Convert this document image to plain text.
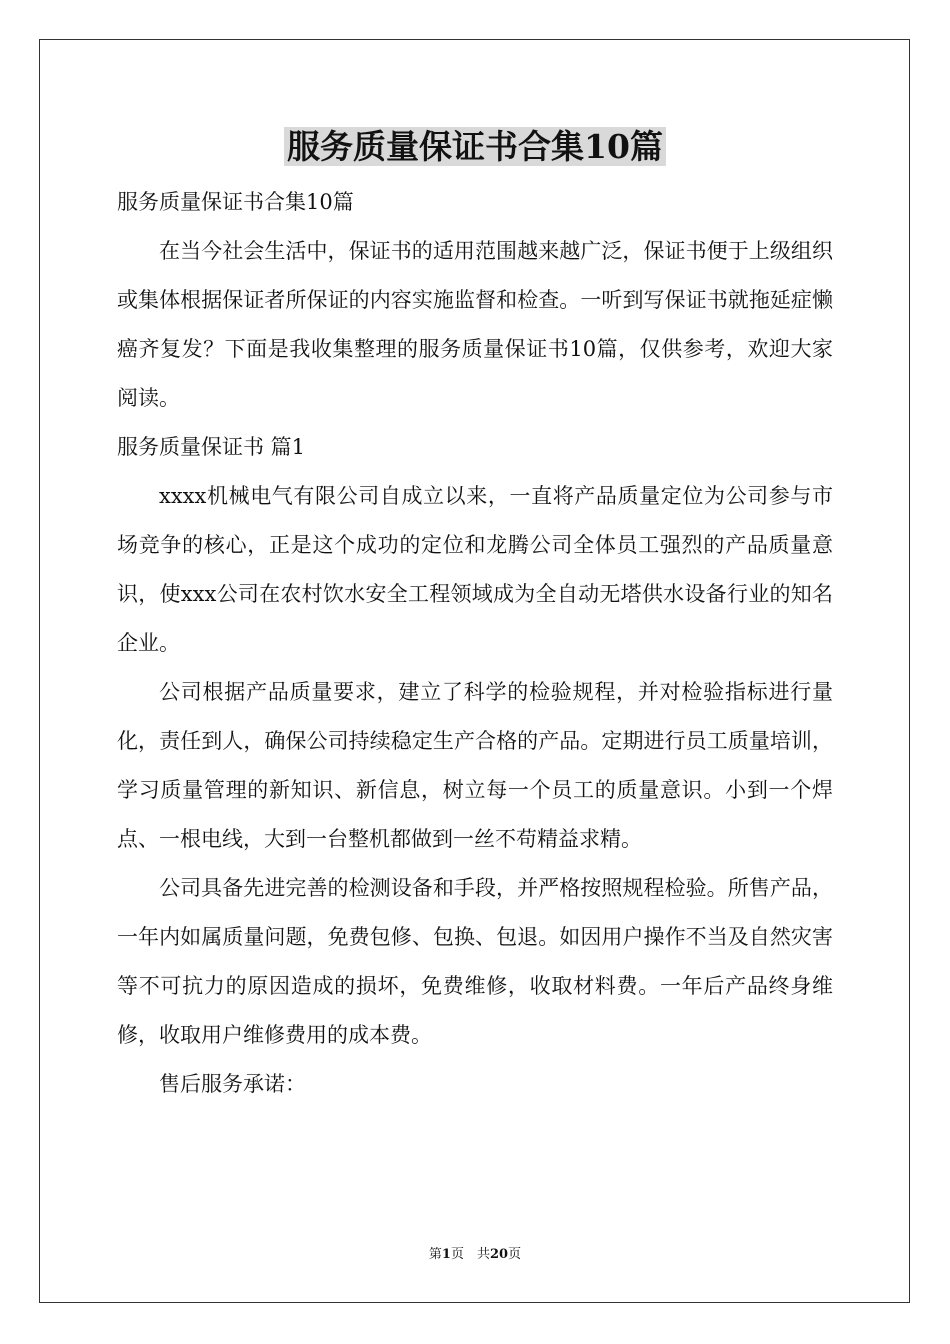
服务质量保证书合集10篇

服务质量保证书合集10篇

在当今社会生活中，保证书的适用范围越来越广泛，保证书便于上级组织或集体根据保证者所保证的内容实施监督和检查。一听到写保证书就拖延症懒癌齐复发？下面是我收集整理的服务质量保证书10篇，仅供参考，欢迎大家阅读。

服务质量保证书 篇1

xxxx机械电气有限公司自成立以来，一直将产品质量定位为公司参与市场竞争的核心，正是这个成功的定位和龙腾公司全体员工强烈的产品质量意识，使xxx公司在农村饮水安全工程领域成为全自动无塔供水设备行业的知名企业。

公司根据产品质量要求，建立了科学的检验规程，并对检验指标进行量化，责任到人，确保公司持续稳定生产合格的产品。定期进行员工质量培训，学习质量管理的新知识、新信息，树立每一个员工的质量意识。小到一个焊点、一根电线，大到一台整机都做到一丝不苟精益求精。

公司具备先进完善的检测设备和手段，并严格按照规程检验。所售产品，一年内如属质量问题，免费包修、包换、包退。如因用户操作不当及自然灾害等不可抗力的原因造成的损坏，免费维修，收取材料费。一年后产品终身维修，收取用户维修费用的成本费。

售后服务承诺：

第1页　共20页
